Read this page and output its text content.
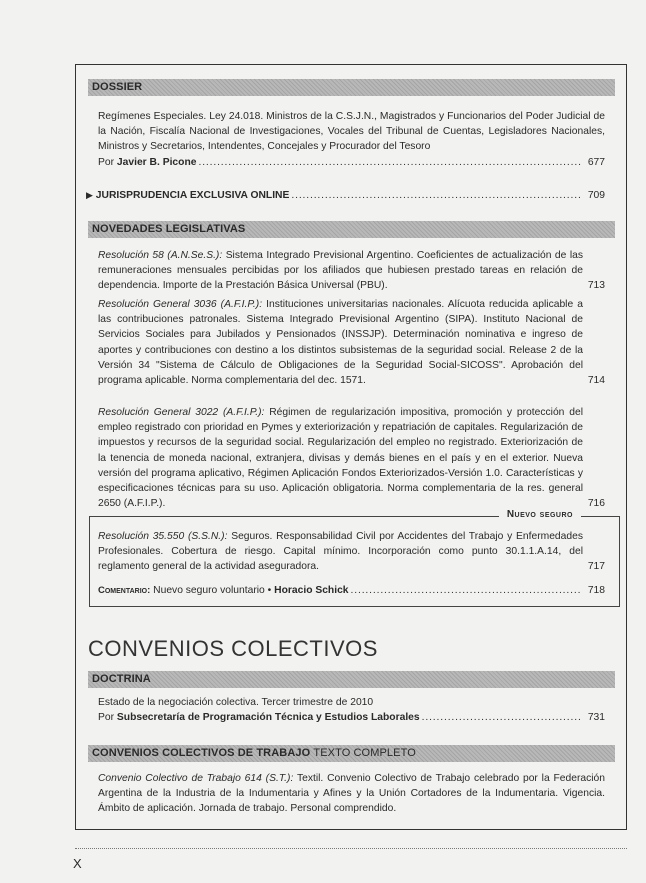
DOSSIER
Regímenes Especiales. Ley 24.018. Ministros de la C.S.J.N., Magistrados y Funcionarios del Poder Judicial de la Nación, Fiscalía Nacional de Investigaciones, Vocales del Tribunal de Cuentas, Legisladores Nacionales, Ministros y Secretarios, Intendentes, Concejales y Procurador del Tesoro
Por
Javier B. Picone . . .	677
▶
JURISPRUDENCIA EXCLUSIVA ONLINE . . .	709
NOVEDADES LEGISLATIVAS
Resolución 58 (A.N.Se.S.): Sistema Integrado Previsional Argentino. Coeficientes de actualización de las remuneraciones mensuales percibidas por los afiliados que hubiesen prestado tareas en relación de dependencia. Importe de la Prestación Básica Universal (PBU).	713
Resolución General 3036 (A.F.I.P.): Instituciones universitarias nacionales. Alícuota reducida aplicable a las contribuciones patronales. Sistema Integrado Previsional Argentino (SIPA). Instituto Nacional de Servicios Sociales para Jubilados y Pensionados (INSSJP). Determinación nominativa e ingreso de aportes y contribuciones con destino a los distintos subsistemas de la seguridad social. Release 2 de la Versión 34 "Sistema de Cálculo de Obligaciones de la Seguridad Social-SICOSS". Aprobación del programa aplicable. Norma complementaria del dec. 1571.	714
Resolución General 3022 (A.F.I.P.): Régimen de regularización impositiva, promoción y protección del empleo registrado con prioridad en Pymes y exteriorización y repatriación de capitales. Regularización de impuestos y recursos de la seguridad social. Regularización del empleo no registrado. Exteriorización de la tenencia de moneda nacional, extranjera, divisas y demás bienes en el país y en el exterior. Nueva versión del programa aplicativo, Régimen Aplicación Fondos Exteriorizados-Versión 1.0. Características y especificaciones técnicas para su uso. Aplicación obligatoria. Norma complementaria de la res. general 2650 (A.F.I.P.).	716
Nuevo seguro
Resolución 35.550 (S.S.N.): Seguros. Responsabilidad Civil por Accidentes del Trabajo y Enfermedades Profesionales. Cobertura de riesgo. Capital mínimo. Incorporación como punto 30.1.1.A.14, del reglamento general de la actividad aseguradora.	717
Comentario:
Nuevo seguro voluntario
•
Horacio Schick . . .	718
CONVENIOS COLECTIVOS
DOCTRINA
Estado de la negociación colectiva. Tercer trimestre de 2010
Por
Subsecretaría de Programación Técnica y Estudios Laborales . . .	731
CONVENIOS COLECTIVOS DE TRABAJO TEXTO COMPLETO
Convenio Colectivo de Trabajo 614 (S.T.): Textil. Convenio Colectivo de Trabajo celebrado por la Federación Argentina de la Industria de la Indumentaria y Afines y la Unión Cortadores de la Indumentaria. Vigencia. Ámbito de aplicación. Jornada de trabajo. Personal comprendido.
X
